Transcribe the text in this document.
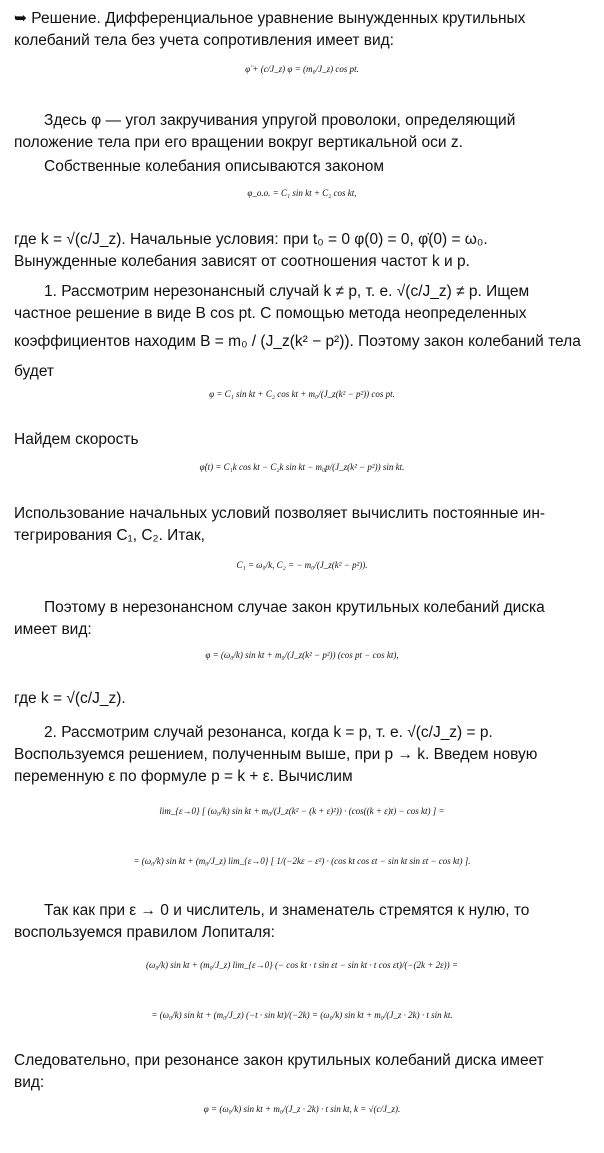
➥ Решение. Дифференциальное уравнение вынужденных крутильных
колебаний тела без учета сопротивления имеет вид:
φ̈ + (c/J_z) φ = (m₀/J_z) cos pt.
Здесь φ — угол закручивания упругой проволоки, определяющий
положение тела при его вращении вокруг вертикальной оси z.
Собственные колебания описываются законом
φ_о.о. = C₁ sin kt + C₂ cos kt,
где k = √(c/J_z). Начальные условия: при t₀ = 0 φ(0) = 0, φ̇(0) = ω₀.
Вынужденные колебания зависят от соотношения частот k и p.
1. Рассмотрим нерезонансный случай k ≠ p, т. е. √(c/J_z) ≠ p. Ищем
частное решение в виде B cos pt. С помощью метода неопределенных
коэффициентов находим B = m₀ / (J_z(k² − p²)). Поэтому закон колебаний тела
будет
φ = C₁ sin kt + C₂ cos kt + m₀/(J_z(k² − p²)) cos pt.
Найдем скорость
φ̇(t) = C₁k cos kt − C₂k sin kt − m₀p/(J_z(k² − p²)) sin kt.
Использование начальных условий позволяет вычислить постоянные ин-
тегрирования C₁, C₂. Итак,
C₁ = ω₀/k, C₂ = − m₀/(J_z(k² − p²)).
Поэтому в нерезонансном случае закон крутильных колебаний диска
имеет вид:
φ = (ω₀/k) sin kt + m₀/(J_z(k² − p²)) (cos pt − cos kt),
где k = √(c/J_z).
2. Рассмотрим случай резонанса, когда k = p, т. е. √(c/J_z) = p.
Воспользуемся решением, полученным выше, при p → k. Введем новую
переменную ε по формуле p = k + ε. Вычислим
lim_{ε→0} [ (ω₀/k) sin kt + m₀/(J_z(k² − (k + ε)²)) · (cos((k + ε)t) − cos kt) ] =
= (ω₀/k) sin kt + (m₀/J_z) lim_{ε→0} [ 1/(−2kε − ε²) · (cos kt cos εt − sin kt sin εt − cos kt) ].
Так как при ε → 0 и числитель, и знаменатель стремятся к нулю, то
воспользуемся правилом Лопиталя:
(ω₀/k) sin kt + (m₀/J_z) lim_{ε→0} (− cos kt · t sin εt − sin kt · t cos εt)/(−(2k + 2ε)) =
= (ω₀/k) sin kt + (m₀/J_z) (−t · sin kt)/(−2k) = (ω₀/k) sin kt + m₀/(J_z · 2k) · t sin kt.
Следовательно, при резонансе закон крутильных колебаний диска имеет
вид:
φ = (ω₀/k) sin kt + m₀/(J_z · 2k) · t sin kt, k = √(c/J_z).
